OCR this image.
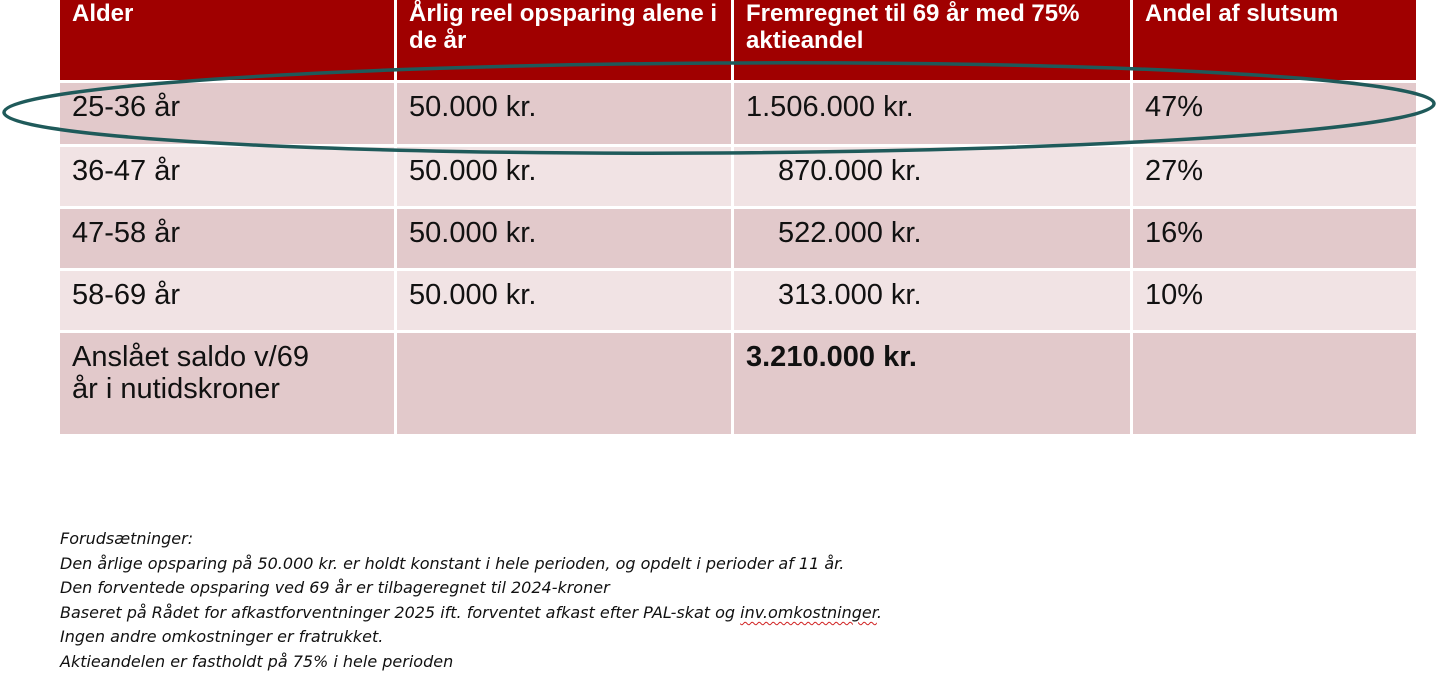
Alder	Årlig reel opsparing alene i de år	Fremregnet til 69 år med 75% aktieandel	Andel af slutsum
25-36 år	50.000 kr.	1.506.000 kr.	47%
36-47 år	50.000 kr.	870.000 kr.	27%
47-58 år	50.000 kr.	522.000 kr.	16%
58-69 år	50.000 kr.	313.000 kr.	10%

Anslået saldo v/69
år i nutidskroner		3.210.000 kr.	
Forudsætninger:
Den årlige opsparing på 50.000 kr. er holdt konstant i hele perioden, og opdelt i perioder af 11 år.
Den forventede opsparing ved 69 år er tilbageregnet til 2024-kroner
Baseret på Rådet for afkastforventninger 2025 ift. forventet afkast efter PAL-skat og inv.omkostninger.
Ingen andre omkostninger er fratrukket.
Aktieandelen er fastholdt på 75% i hele perioden
